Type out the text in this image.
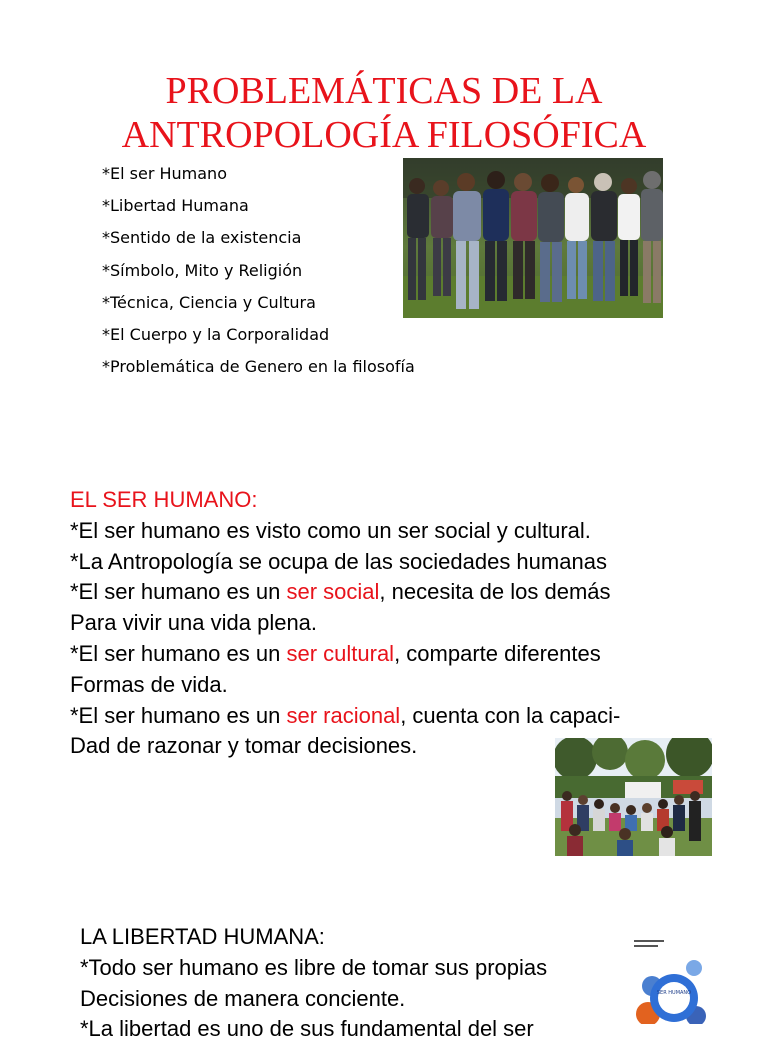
PROBLEMÁTICAS DE LA
ANTROPOLOGÍA FILOSÓFICA
*El ser Humano
*Libertad Humana
*Sentido de la existencia
*Símbolo, Mito y Religión
*Técnica, Ciencia y Cultura
*El Cuerpo y la Corporalidad
*Problemática de Genero en la filosofía
EL SER HUMANO:
*El ser humano es visto como un ser social y cultural.
*La Antropología se ocupa de las sociedades humanas
*El ser humano es un ser social, necesita de los demás
Para vivir una vida plena.
*El ser humano es un ser cultural, comparte diferentes
Formas de vida.
*El ser humano es un ser racional, cuenta con la capaci-
Dad de razonar y tomar decisiones.
LA LIBERTAD HUMANA:
*Todo ser humano es libre de tomar sus propias
Decisiones de manera conciente.
*La libertad es uno de sus fundamental del ser
SER HUMANO
